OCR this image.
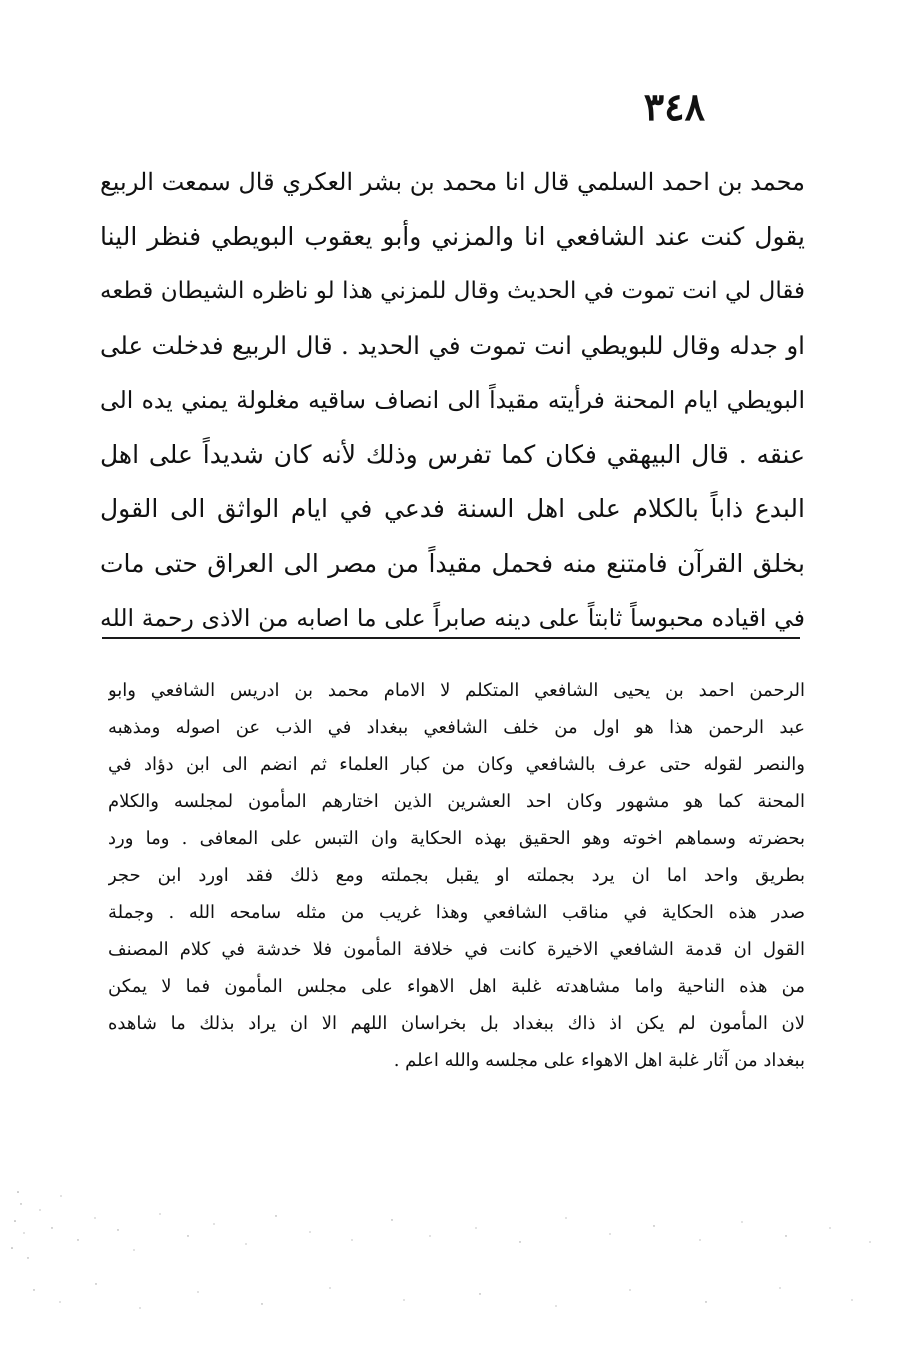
٣٤٨
محمد بن احمد السلمي قال انا محمد بن بشر العكري قال سمعت الربيع
يقول كنت عند الشافعي انا والمزني وأبو يعقوب البويطي فنظر الينا
فقال لي انت تموت في الحديث وقال للمزني هذا لو ناظره الشيطان قطعه
او جدله وقال للبويطي انت تموت في الحديد . قال الربيع فدخلت على
البويطي ايام المحنة فرأيته مقيداً الى انصاف ساقيه مغلولة يمني يده الى
عنقه . قال البيهقي فكان كما تفرس وذلك لأنه كان شديداً على اهل
البدع ذاباً بالكلام على اهل السنة فدعي في ايام الواثق الى القول
بخلق القرآن فامتنع منه فحمل مقيداً من مصر الى العراق حتى مات
في اقياده محبوساً ثابتاً على دينه صابراً على ما اصابه من الاذى رحمة الله
الرحمن احمد بن يحيى الشافعي المتكلم لا الامام محمد بن ادريس الشافعي وابو
عبد الرحمن هذا هو اول من خلف الشافعي ببغداد في الذب عن اصوله ومذهبه
والنصر لقوله حتى عرف بالشافعي وكان من كبار العلماء ثم انضم الى ابن دؤاد في
المحنة كما هو مشهور وكان احد العشرين الذين اختارهم المأمون لمجلسه والكلام
بحضرته وسماهم اخوته وهو الحقيق بهذه الحكاية وان التبس على المعافى . وما ورد
بطريق واحد اما ان يرد بجملته او يقبل بجملته ومع ذلك فقد اورد ابن حجر
صدر هذه الحكاية في مناقب الشافعي وهذا غريب من مثله سامحه الله . وجملة
القول ان قدمة الشافعي الاخيرة كانت في خلافة المأمون فلا خدشة في كلام المصنف
من هذه الناحية واما مشاهدته غلبة اهل الاهواء على مجلس المأمون فما لا يمكن
لان المأمون لم يكن اذ ذاك ببغداد بل بخراسان اللهم الا ان يراد بذلك ما شاهده
ببغداد من آثار غلبة اهل الاهواء على مجلسه والله اعلم .
